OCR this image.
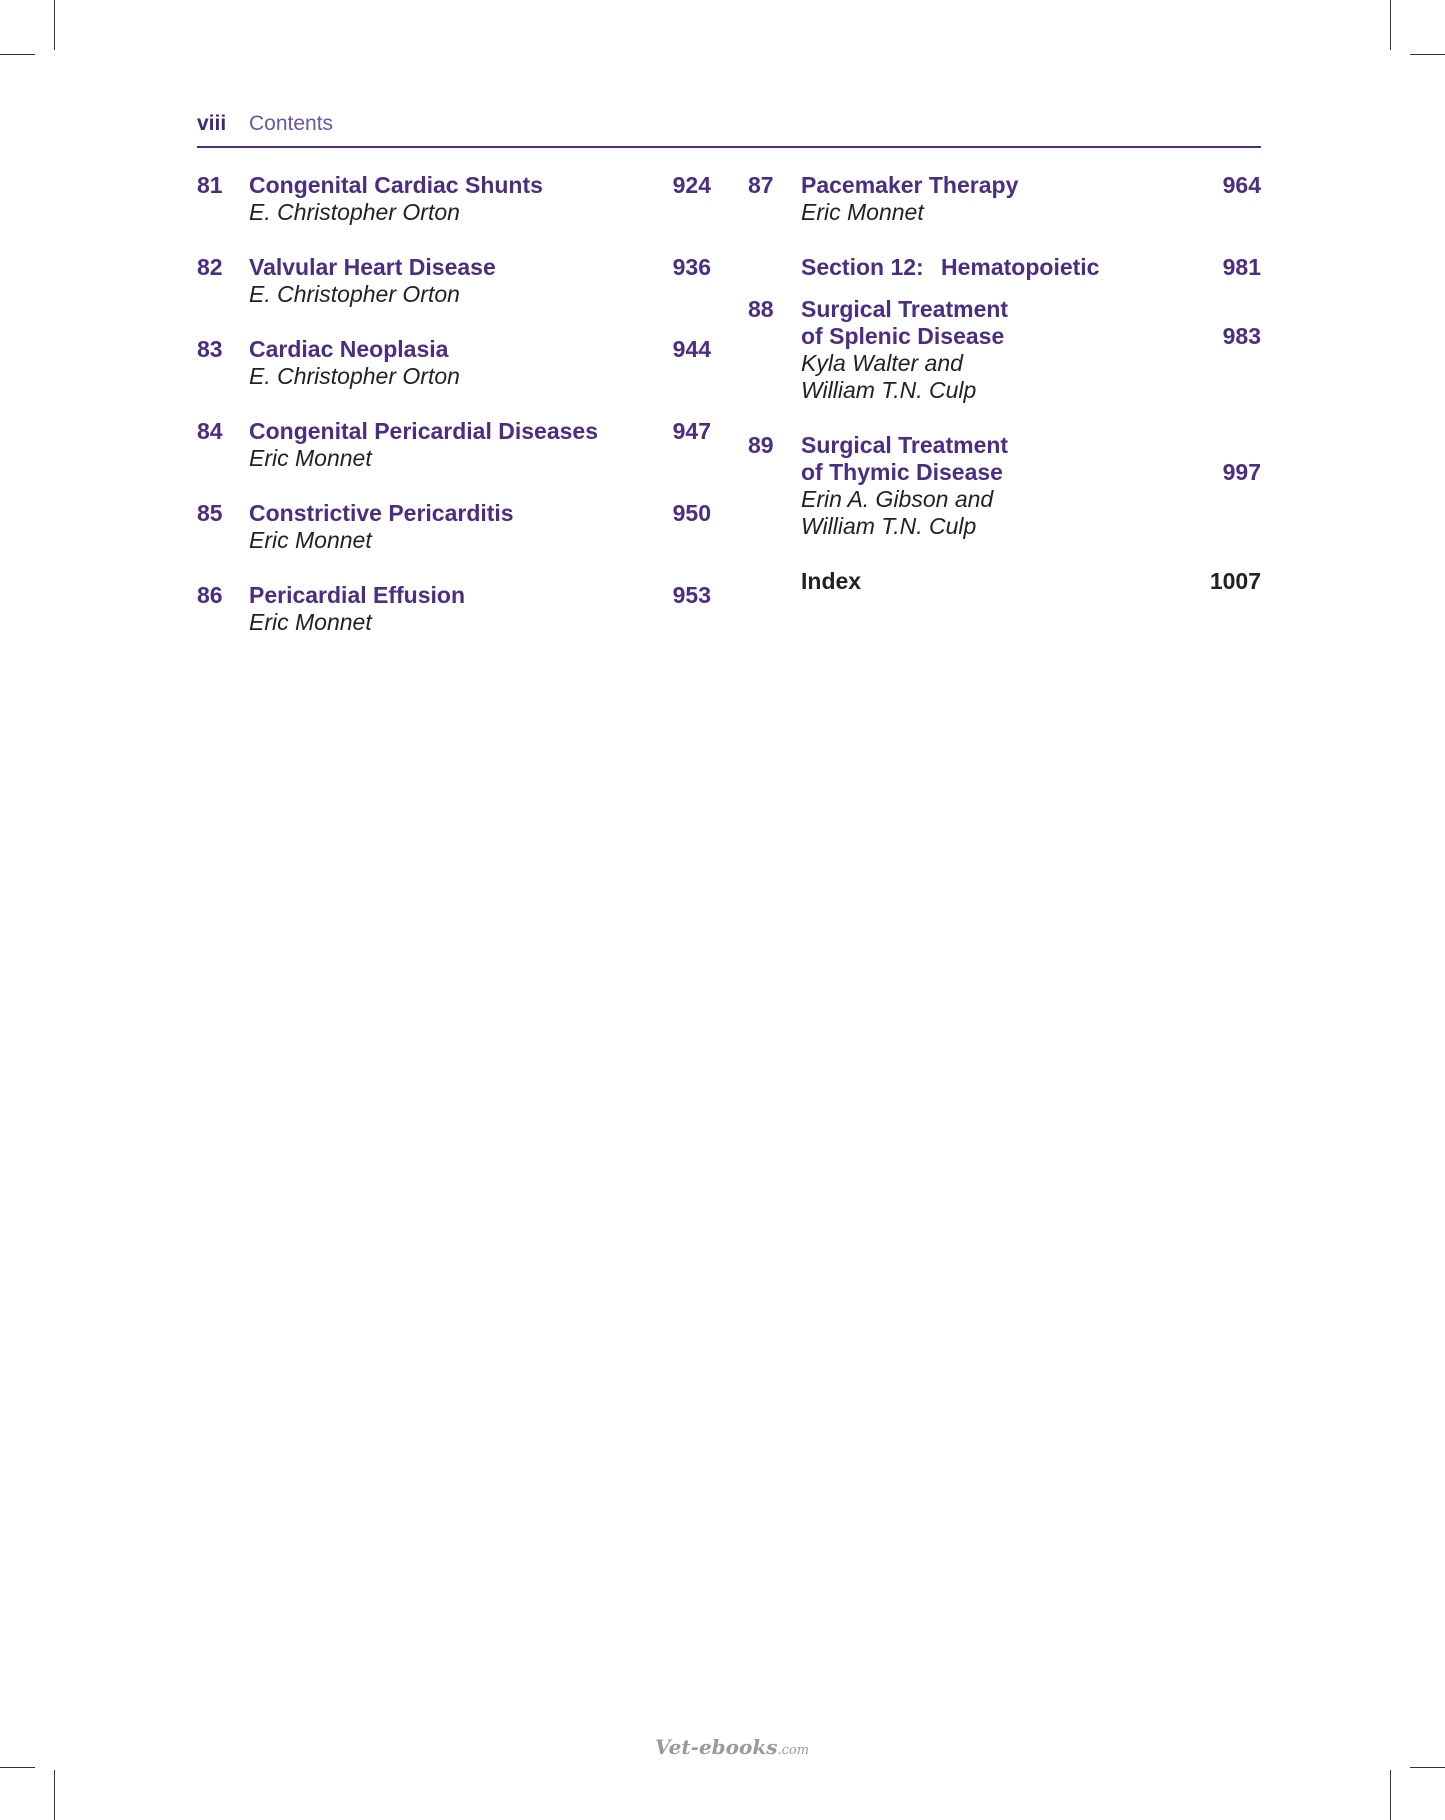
viii Contents
81 Congenital Cardiac Shunts
E. Christopher Orton
924
82 Valvular Heart Disease
E. Christopher Orton
936
83 Cardiac Neoplasia
E. Christopher Orton
944
84 Congenital Pericardial Diseases
Eric Monnet
947
85 Constrictive Pericarditis
Eric Monnet
950
86 Pericardial Effusion
Eric Monnet
953
87 Pacemaker Therapy
Eric Monnet
964
Section 12: Hematopoietic	981
88 Surgical Treatment
of Splenic Disease
Kyla Walter and
William T.N. Culp
983
89 Surgical Treatment
of Thymic Disease
Erin A. Gibson and
William T.N. Culp
997
Index	1007
Vet-ebooks.com
